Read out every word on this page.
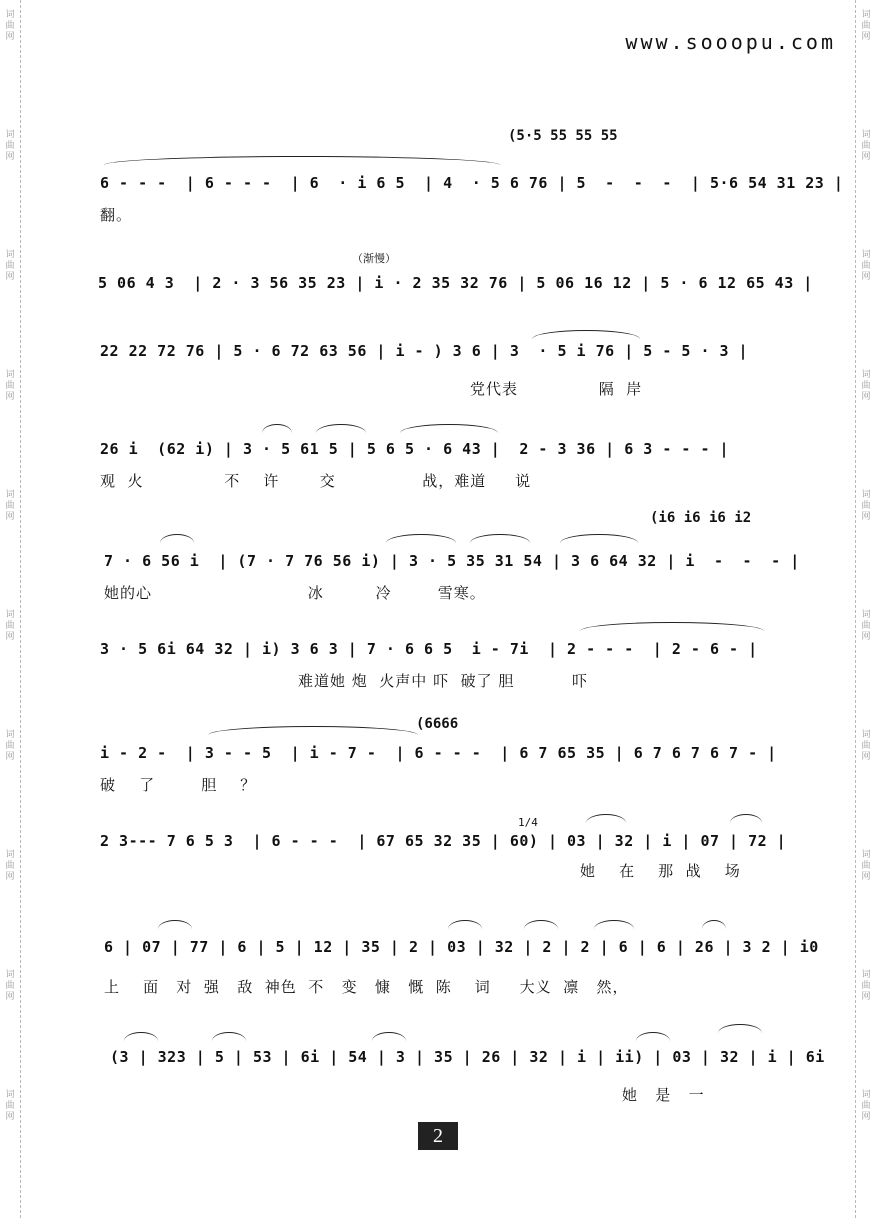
词曲网
词曲网
词曲网
词曲网
词曲网
词曲网
词曲网
词曲网
词曲网
词曲网
词曲网
词曲网
词曲网
词曲网
词曲网
词曲网
词曲网
词曲网
词曲网
词曲网
www.sooopu.com
(5·5 55 55 55
6 - - -  | 6 - - -  | 6  · i 6 5  | 4  · 5 6 76 | 5  -  -  -  | 5·6 54 31 23 |
翻。
（渐慢）
5 06 4 3  | 2 · 3 56 35 23 | i · 2 35 32 76 | 5 06 16 12 | 5 · 6 12 65 43 |
22 22 72 76 | 5 · 6 72 63 56 | i - ) 3 6 | 3  · 5 i 76 | 5 - 5 · 3 |
党代表              隔  岸
26 i  (62 i) | 3 · 5 61 5 | 5 6 5 · 6 43 |  2 - 3 36 | 6 3 - - - |
观  火              不    许       交               战，难道     说
(i6 i6 i6 i2
7 · 6 56 i  | (7 · 7 76 56 i) | 3 · 5 35 31 54 | 3 6 64 32 | i  -  -  - |
她的心                           冰         冷        雪寒。
3 · 5 6i 64 32 | i) 3 6 3 | 7 · 6 6 5  i - 7i  | 2 - - -  | 2 - 6 - |
难道她 炮  火声中 吓  破了 胆          吓
(6666
i - 2 -  | 3 - - 5  | i - 7 -  | 6 - - -  | 6 7 65 35 | 6 7 6 7 6 7 - |
破    了        胆    ？
1/4
2 3--- 7 6 5 3  | 6 - - -  | 67 65 32 35 | 60) | 03 | 32 | i | 07 | 72 |
她    在    那  战    场
6 | 07 | 77 | 6 | 5 | 12 | 35 | 2 | 03 | 32 | 2 | 2 | 6 | 6 | 26 | 3 2 | i0
上    面   对  强   敌  神色  不   变   慷   慨  陈    词     大义  凛   然，
(3 | 323 | 5 | 53 | 6i | 54 | 3 | 35 | 26 | 32 | i | ii) | 03 | 32 | i | 6i
她   是   一
2
